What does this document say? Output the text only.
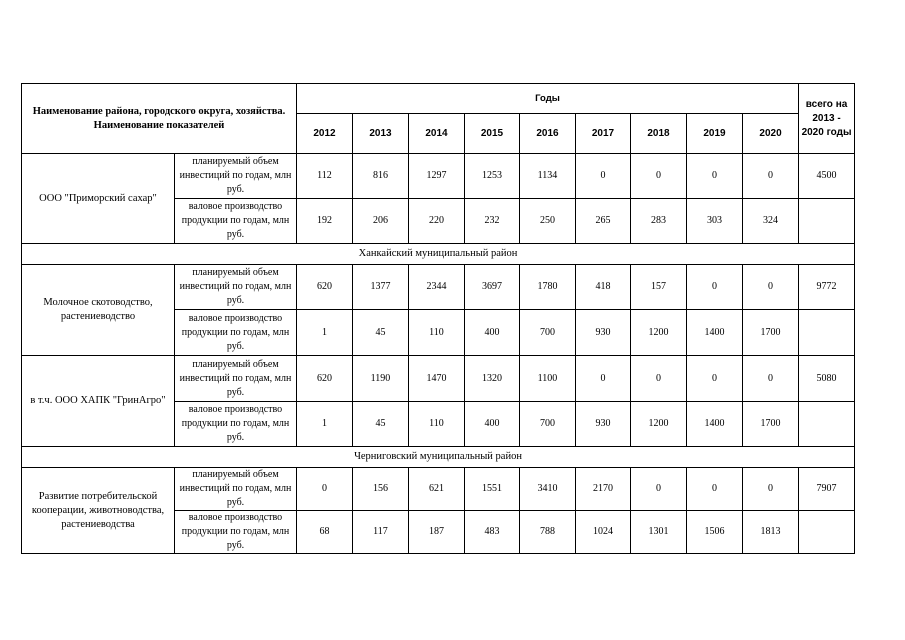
Наименование района, городского округа, хозяйства. Наименование показателей		Годы									всего на 2013 - 2020 годы
		2012	2013	2014	2015	2016	2017	2018	2019	2020	
ООО "Приморский сахар"	планируемый объем инвестиций по годам, млн руб.	112	816	1297	1253	1134	0	0	0	0	4500
	валовое производство продукции по годам, млн руб.	192	206	220	232	250	265	283	303	324	
Ханкайский муниципальный район											
Молочное скотоводство, растениеводство	планируемый объем инвестиций по годам, млн руб.	620	1377	2344	3697	1780	418	157	0	0	9772
	валовое производство продукции по годам, млн руб.	1	45	110	400	700	930	1200	1400	1700	
в т.ч. ООО ХАПК "ГринАгро"	планируемый объем инвестиций по годам, млн руб.	620	1190	1470	1320	1100	0	0	0	0	5080
	валовое производство продукции по годам, млн руб.	1	45	110	400	700	930	1200	1400	1700	
Черниговский муниципальный район											
Развитие потребительской кооперации, животноводства, растениеводства	планируемый объем инвестиций по годам, млн руб.	0	156	621	1551	3410	2170	0	0	0	7907
	валовое производство продукции по годам, млн руб.	68	117	187	483	788	1024	1301	1506	1813	
